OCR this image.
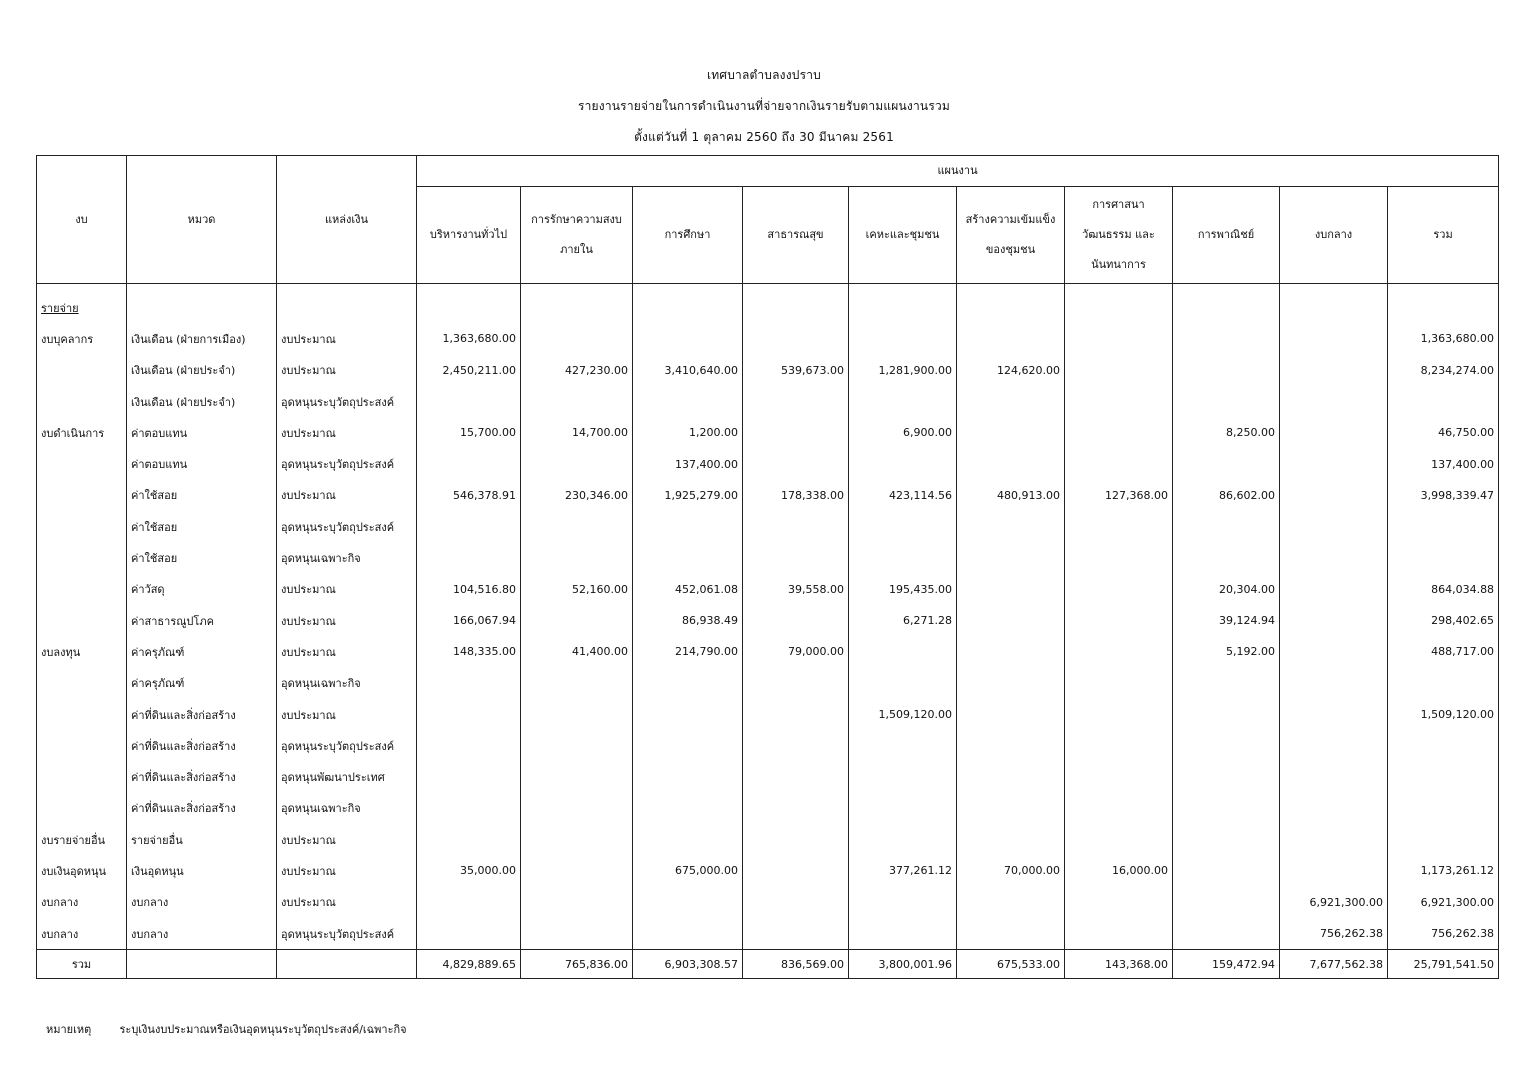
เทศบาลตำบลงงปราบ
รายงานรายจ่ายในการดำเนินงานที่จ่ายจากเงินรายรับตามแผนงานรวม
ตั้งแต่วันที่ 1 ตุลาคม 2560 ถึง 30 มีนาคม 2561
งบ	หมวด	แหล่งเงิน	แผนงาน									
			บริหารงานทั่วไป	การรักษาความสงบภายใน	การศึกษา	สาธารณสุข	เคหะและชุมชน	สร้างความเข้มแข็งของชุมชน	การศาสนา วัฒนธรรม และนันทนาการ	การพาณิชย์	งบกลาง	รวม
รายจ่าย												
งบบุคลากร	เงินเดือน (ฝ่ายการเมือง)	งบประมาณ	1,363,680.00									1,363,680.00
	เงินเดือน (ฝ่ายประจำ)	งบประมาณ	2,450,211.00	427,230.00	3,410,640.00	539,673.00	1,281,900.00	124,620.00				8,234,274.00
	เงินเดือน (ฝ่ายประจำ)	อุดหนุนระบุวัตถุประสงค์										
งบดำเนินการ	ค่าตอบแทน	งบประมาณ	15,700.00	14,700.00	1,200.00		6,900.00			8,250.00		46,750.00
	ค่าตอบแทน	อุดหนุนระบุวัตถุประสงค์			137,400.00							137,400.00
	ค่าใช้สอย	งบประมาณ	546,378.91	230,346.00	1,925,279.00	178,338.00	423,114.56	480,913.00	127,368.00	86,602.00		3,998,339.47
	ค่าใช้สอย	อุดหนุนระบุวัตถุประสงค์										
	ค่าใช้สอย	อุดหนุนเฉพาะกิจ										
	ค่าวัสดุ	งบประมาณ	104,516.80	52,160.00	452,061.08	39,558.00	195,435.00			20,304.00		864,034.88
	ค่าสาธารณูปโภค	งบประมาณ	166,067.94		86,938.49		6,271.28			39,124.94		298,402.65
งบลงทุน	ค่าครุภัณฑ์	งบประมาณ	148,335.00	41,400.00	214,790.00	79,000.00				5,192.00		488,717.00
	ค่าครุภัณฑ์	อุดหนุนเฉพาะกิจ										
	ค่าที่ดินและสิ่งก่อสร้าง	งบประมาณ					1,509,120.00					1,509,120.00
	ค่าที่ดินและสิ่งก่อสร้าง	อุดหนุนระบุวัตถุประสงค์										
	ค่าที่ดินและสิ่งก่อสร้าง	อุดหนุนพัฒนาประเทศ										
	ค่าที่ดินและสิ่งก่อสร้าง	อุดหนุนเฉพาะกิจ										
งบรายจ่ายอื่น	รายจ่ายอื่น	งบประมาณ										
งบเงินอุดหนุน	เงินอุดหนุน	งบประมาณ	35,000.00		675,000.00		377,261.12	70,000.00	16,000.00			1,173,261.12
งบกลาง	งบกลาง	งบประมาณ									6,921,300.00	6,921,300.00
งบกลาง	งบกลาง	อุดหนุนระบุวัตถุประสงค์									756,262.38	756,262.38
รวม			4,829,889.65	765,836.00	6,903,308.57	836,569.00	3,800,001.96	675,533.00	143,368.00	159,472.94	7,677,562.38	25,791,541.50
หมายเหตุ	ระบุเงินงบประมาณหรือเงินอุดหนุนระบุวัตถุประสงค์/เฉพาะกิจ
